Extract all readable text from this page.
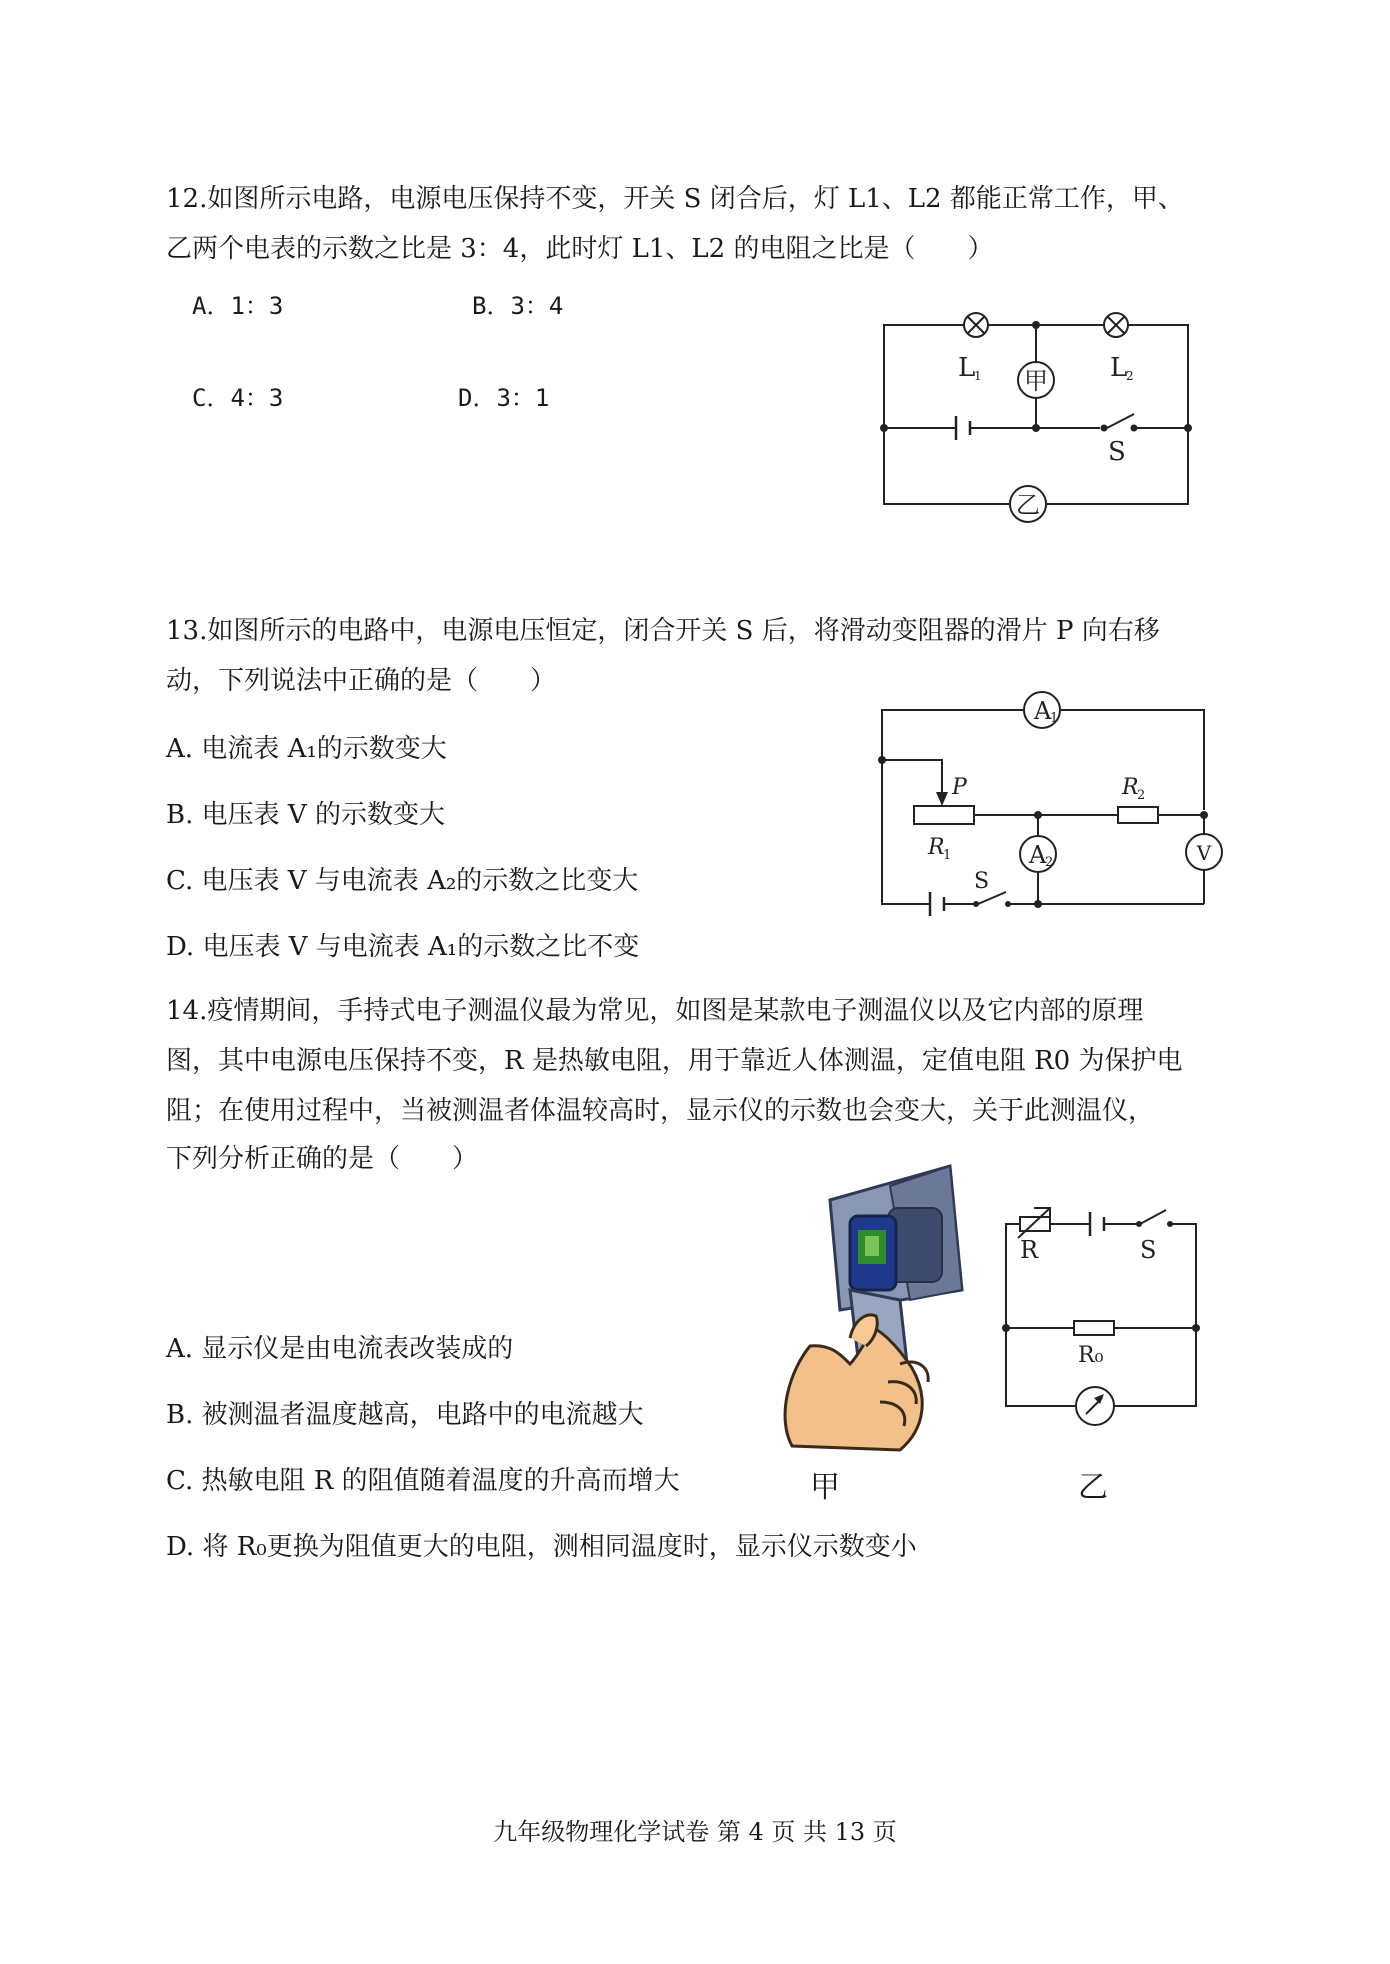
12.如图所示电路，电源电压保持不变，开关 S 闭合后，灯 L1、L2 都能正常工作，甲、
乙两个电表的示数之比是 3：4，此时灯 L1、L2 的电阻之比是（　　）
A．1：3	B．3：4
C．4：3	D．3：1
甲
乙
L
1	L
2
S
13.如图所示的电路中，电源电压恒定，闭合开关 S 后，将滑动变阻器的滑片 P 向右移
动，下列说法中正确的是（　　）
A. 电流表 A₁的示数变大
B. 电压表 V 的示数变大
C. 电压表 V 与电流表 A₂的示数之比变大
D. 电压表 V 与电流表 A₁的示数之比不变
A
1
A
2	V
P
R
1
R
2
S
14.疫情期间，手持式电子测温仪最为常见，如图是某款电子测温仪以及它内部的原理
图，其中电源电压保持不变，R 是热敏电阻，用于靠近人体测温，定值电阻 R0 为保护电
阻；在使用过程中，当被测温者体温较高时，显示仪的示数也会变大，关于此测温仪，
下列分析正确的是（　　）
A. 显示仪是由电流表改装成的
B. 被测温者温度越高，电路中的电流越大
C. 热敏电阻 R 的阻值随着温度的升高而增大
D. 将 R₀更换为阻值更大的电阻，测相同温度时，显示仪示数变小
甲
R	S
R₀
乙
九年级物理化学试卷 第 4 页 共 13 页
